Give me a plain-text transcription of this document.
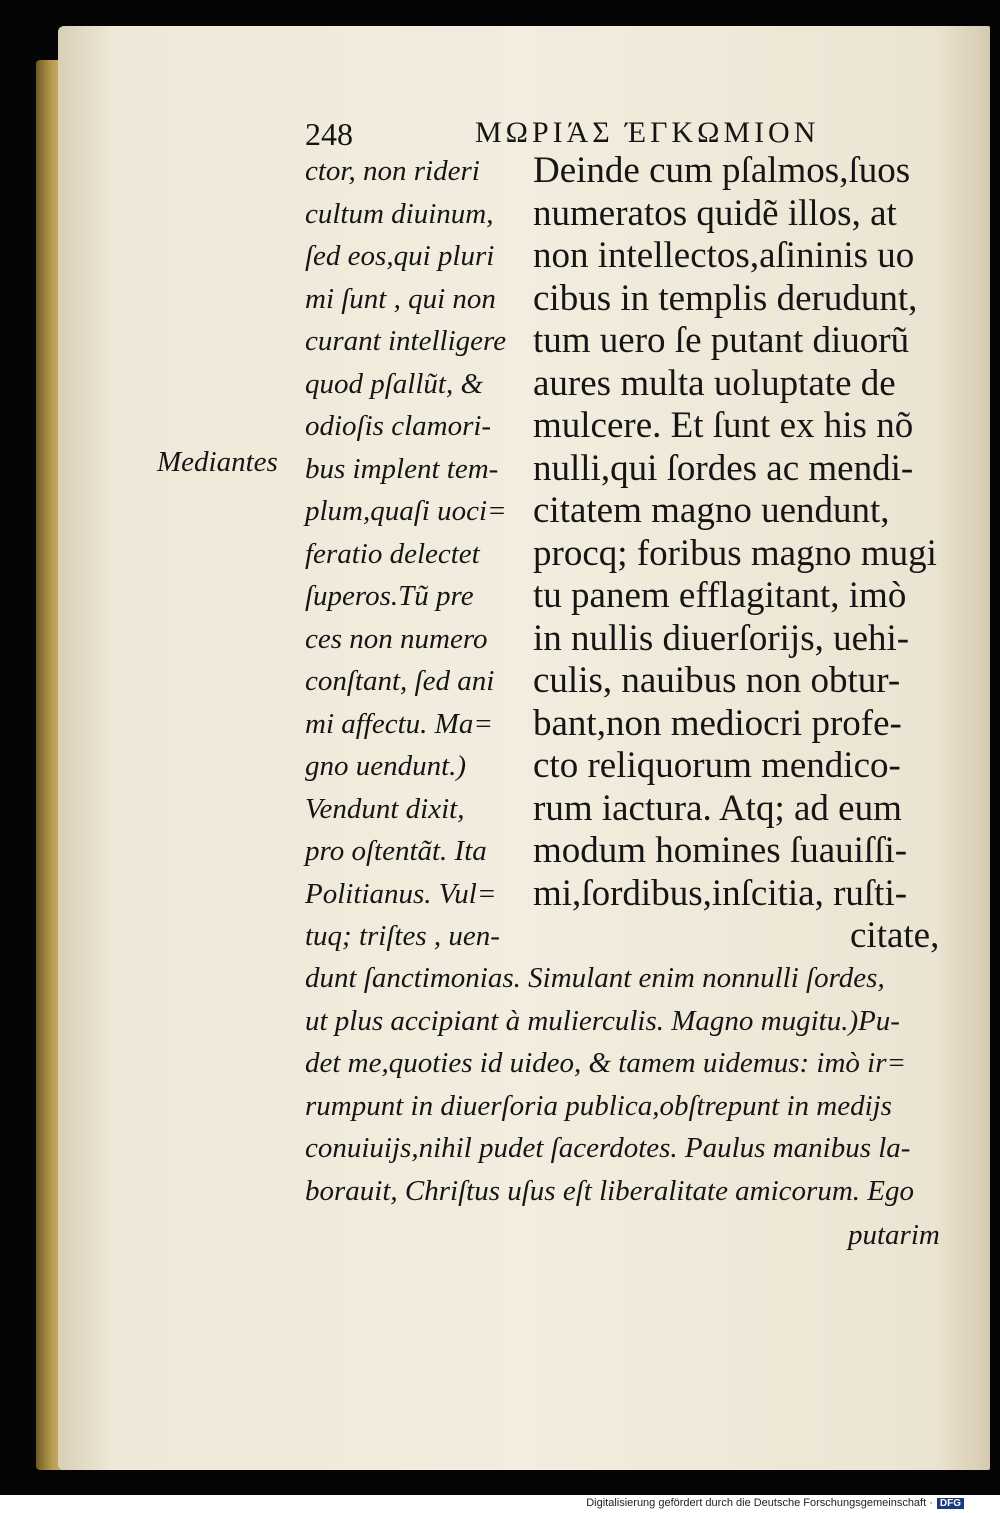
248	ΜΩΡΙΆΣ ΈΓΚΩΜΙΟΝ
Deinde cum pſalmos,ſuos
numeratos quidẽ illos, at
non intellectos,aſininis uo
cibus in templis derudunt,
tum uero ſe putant diuorũ
aures multa uoluptate de
mulcere. Et ſunt ex his nõ
nulli,qui ſordes ac mendi-
citatem magno uendunt,
procq; foribus magno mugi
tu panem efflagitant, imò
in nullis diuerſorijs, uehi-
culis, nauibus non obtur-
bant,non mediocri profe-
cto reliquorum mendico-
rum iactura. Atq; ad eum
modum homines ſuauiſſi-
mi,ſordibus,inſcitia, ruſti-
citate,
ctor, non rideri
cultum diuinum,
ſed eos,qui pluri
mi ſunt , qui non
curant intelligere
quod pſallũt, &
odioſis clamori-
bus implent tem-
plum,quaſi uoci=
feratio delectet
ſuperos.Tũ pre
ces non numero
conſtant, ſed ani
mi affectu. Ma=
gno uendunt.)
Vendunt dixit,
pro oſtentãt. Ita
Politianus. Vul=
tuq; triſtes , uen-
Mediantes
dunt ſanctimonias. Simulant enim nonnulli ſordes,
ut plus accipiant à mulierculis. Magno mugitu.)Pu-
det me,quoties id uideo, & tamem uidemus: imò ir=
rumpunt in diuerſoria publica,obſtrepunt in medijs
conuiuijs,nihil pudet ſacerdotes. Paulus manibus la-
borauit, Chriſtus uſus eſt liberalitate amicorum. Ego
putarim
Digitalisierung gefördert durch die Deutsche Forschungsgemeinschaft · DFG
